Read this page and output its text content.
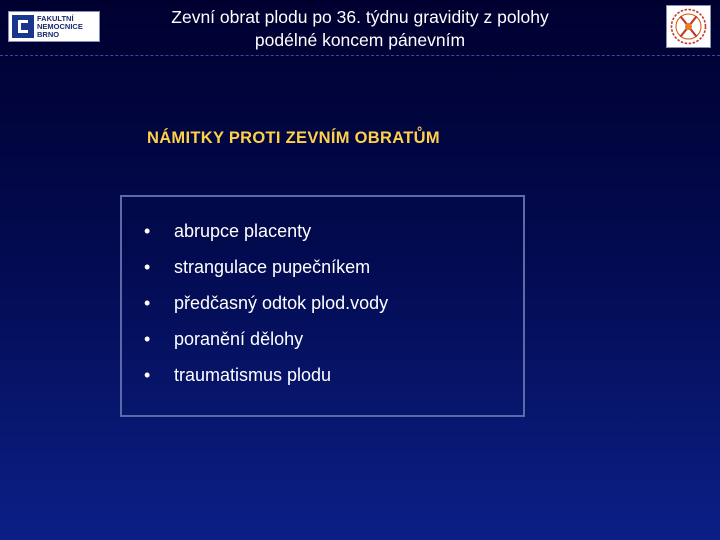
FAKULTNÍ
NEMOCNICE
BRNO
Zevní obrat plodu po 36. týdnu gravidity z polohy
podélné koncem pánevním
NÁMITKY PROTI ZEVNÍM OBRATŮM
• abrupce placenty
• strangulace pupečníkem
• předčasný odtok plod.vody
• poranění dělohy
• traumatismus plodu
